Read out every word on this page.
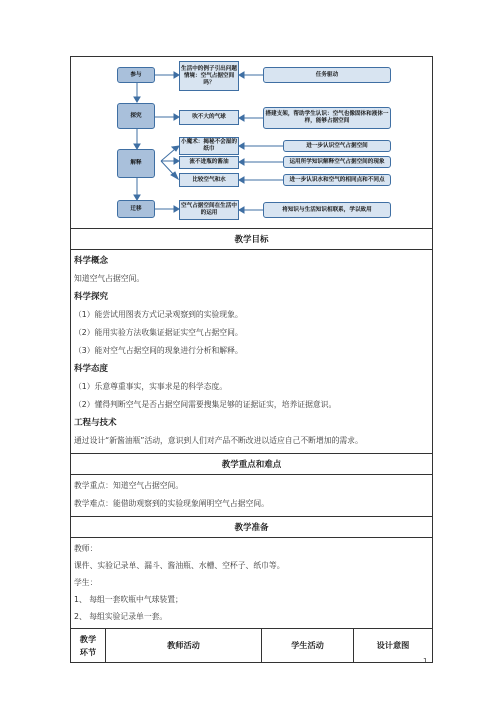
参与
探究
解释
迁移
生活中的例子引出问题情境：空气占据空间吗？
吹不大的气球
小魔术：揭秘不会湿的纸巾
流不进瓶的酱油
比较空气和水
空气占据空间在生活中的运用
任务驱动
搭建支架，帮助学生认识：空气也像固体和液体一样，能够占据空间
进一步认识空气占据空间
运用所学知识解释空气占据空间的现象
进一步认识水和空气的相同点和不同点
将知识与生活知识相联系，学以致用
教学目标
科学概念
知道空气占据空间。
科学探究
（1）能尝试用图表方式记录观察到的实验现象。
（2）能用实验方法收集证据证实空气占据空间。
（3）能对空气占据空间的现象进行分析和解释。
科学态度
（1）乐意尊重事实，实事求是的科学态度。
（2）懂得判断空气是否占据空间需要搜集足够的证据证实，培养证据意识。
工程与技术
通过设计“新酱油瓶”活动，意识到人们对产品不断改进以适应自己不断增加的需求。
教学重点和难点
教学重点：知道空气占据空间。
教学难点：能借助观察到的实验现象阐明空气占据空间。
教学准备
教师：
课件、实验记录单、漏斗、酱油瓶、水槽、空杯子、纸巾等。
学生：
1、 每组一套吹瓶中气球装置；
2、 每组实验记录单一套。
教学
环节
教师活动	学生活动	设计意图
1
